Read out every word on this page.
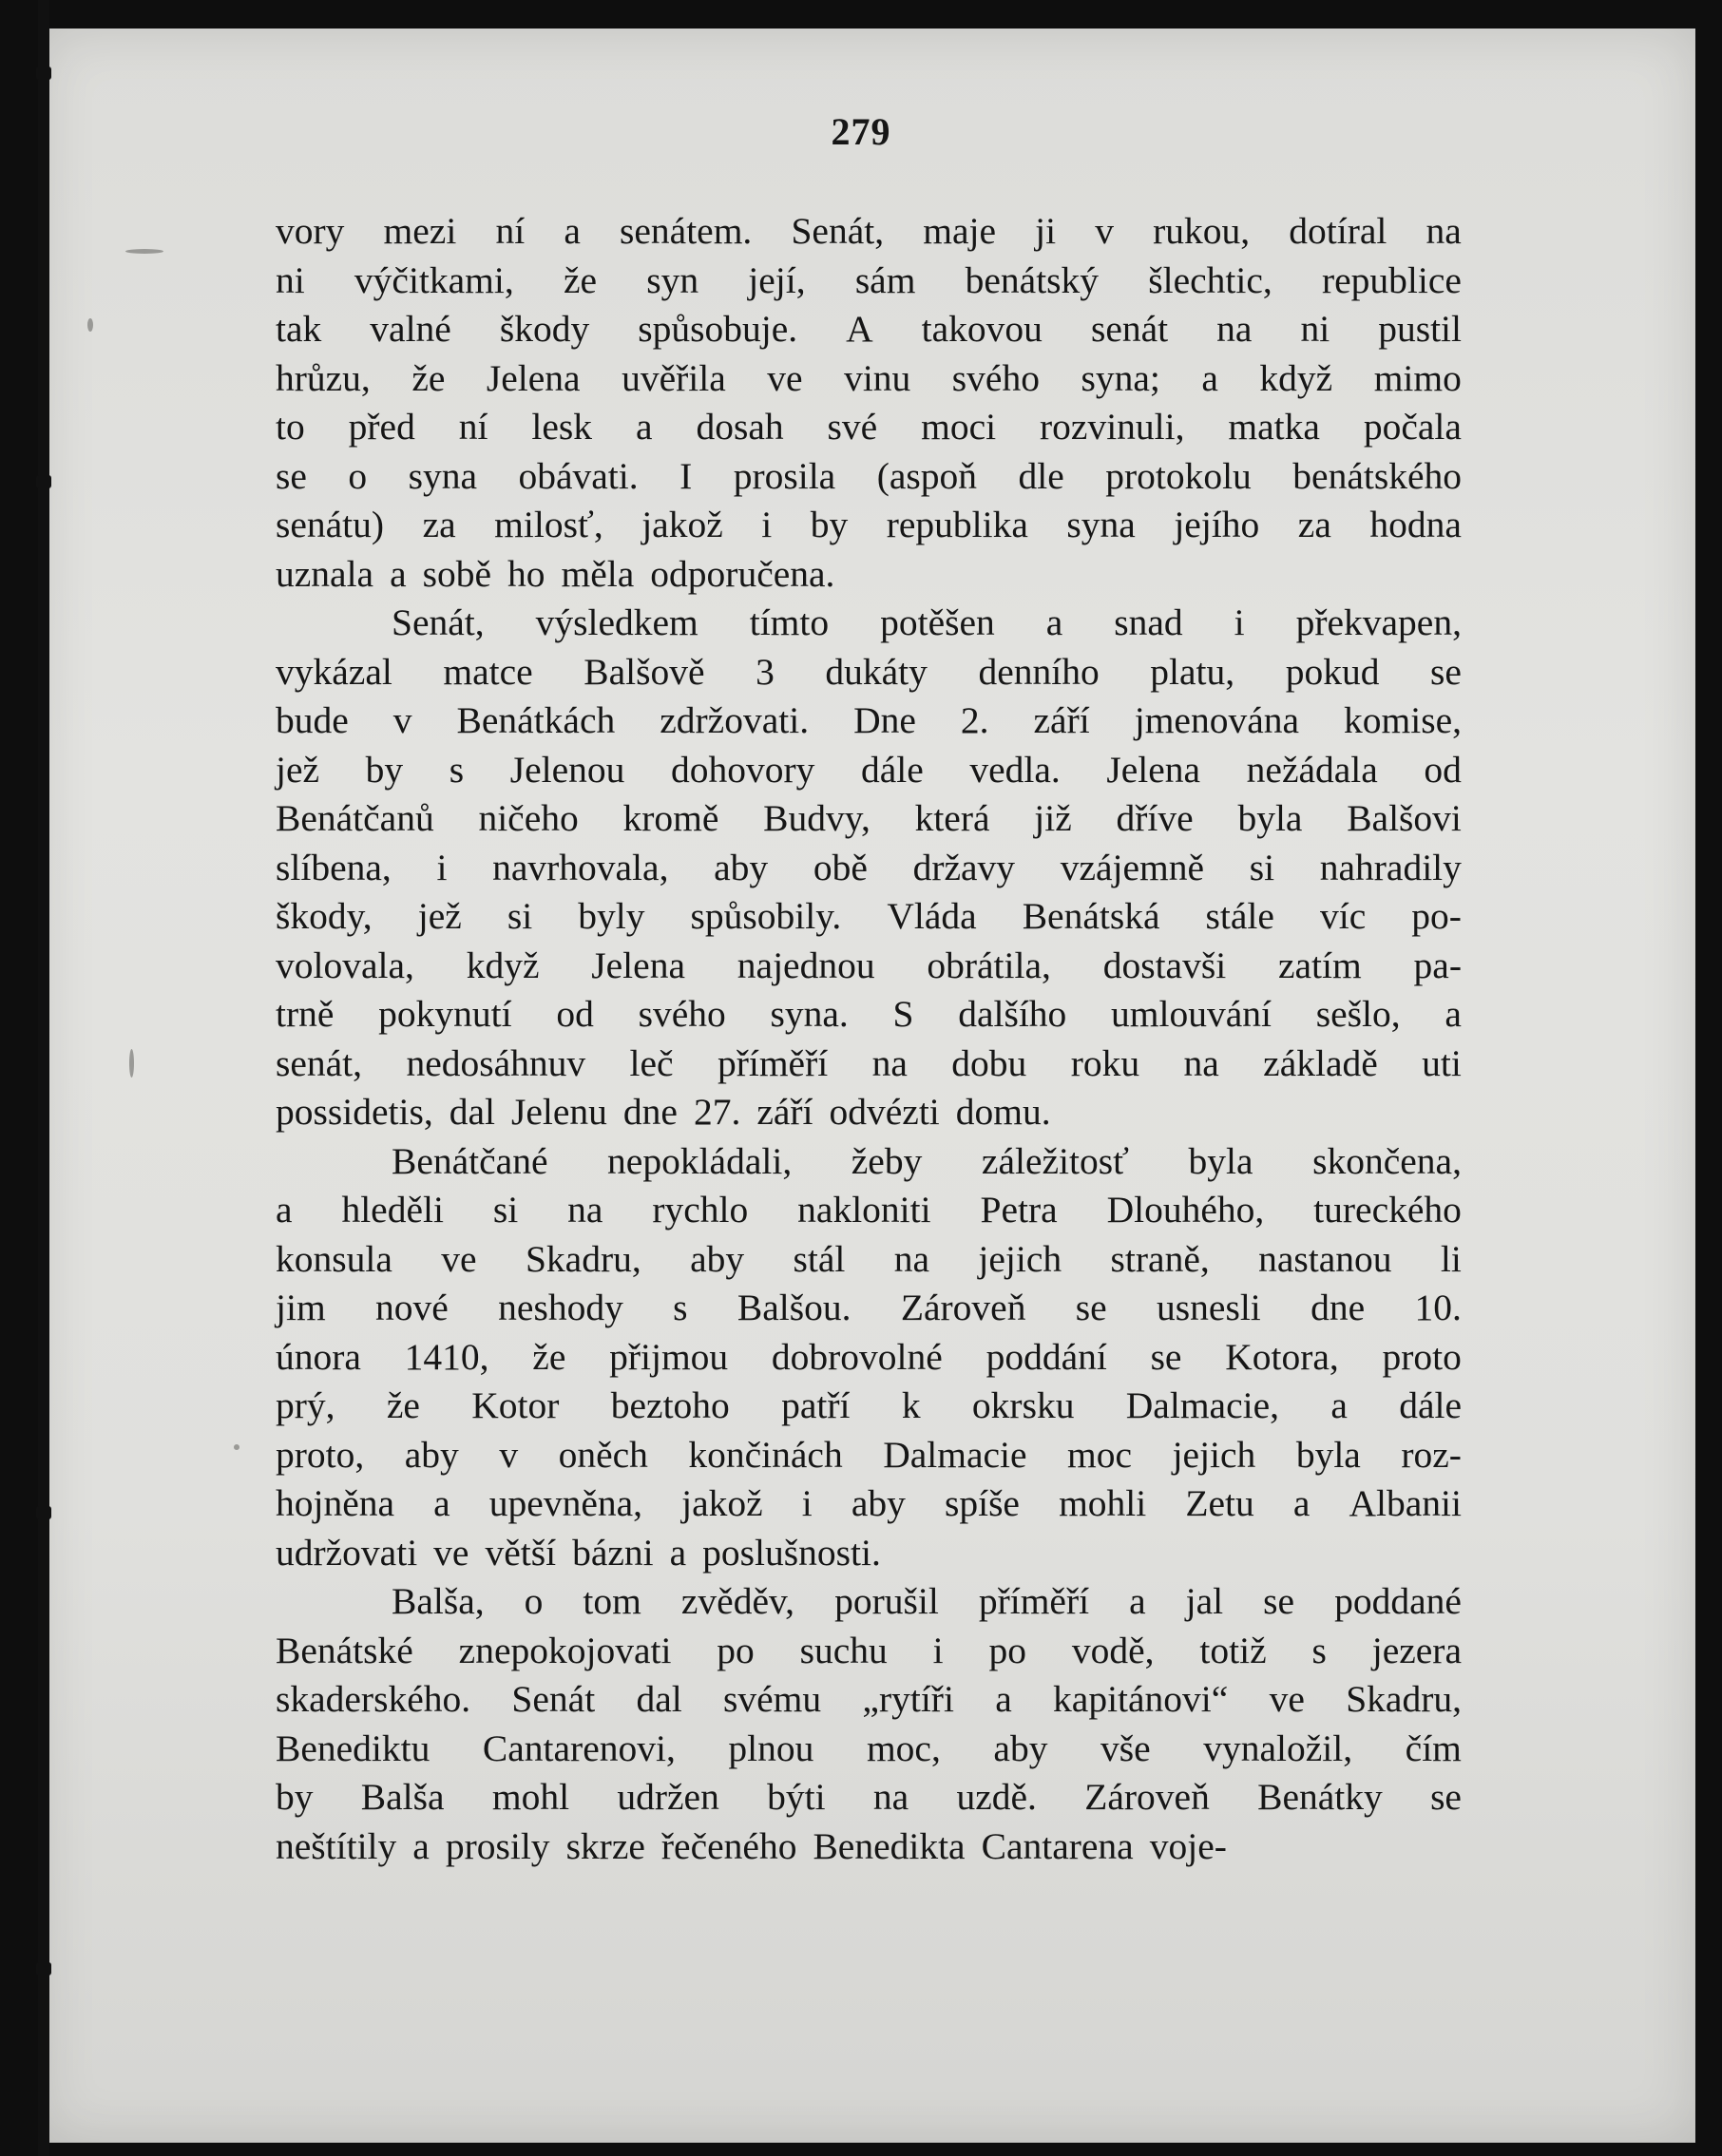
279
vory mezi ní a senátem. Senát, maje ji v rukou, dotíral na
ni výčitkami, že syn její, sám benátský šlechtic, republice
tak valné škody spůsobuje. A takovou senát na ni pustil
hrůzu, že Jelena uvěřila ve vinu svého syna; a když mimo
to před ní lesk a dosah své moci rozvinuli, matka počala
se o syna obávati. I prosila (aspoň dle protokolu benátského
senátu) za milosť, jakož i by republika syna jejího za hodna
uznala a sobě ho měla odporučena.
Senát, výsledkem tímto potěšen a snad i překvapen,
vykázal matce Balšově 3 dukáty denního platu, pokud se
bude v Benátkách zdržovati. Dne 2. září jmenována komise,
jež by s Jelenou dohovory dále vedla. Jelena nežádala od
Benátčanů ničeho kromě Budvy, která již dříve byla Balšovi
slíbena, i navrhovala, aby obě državy vzájemně si nahradily
škody, jež si byly spůsobily. Vláda Benátská stále víc po-
volovala, když Jelena najednou obrátila, dostavši zatím pa-
trně pokynutí od svého syna. S dalšího umlouvání sešlo, a
senát, nedosáhnuv leč příměří na dobu roku na základě uti
possidetis, dal Jelenu dne 27. září odvézti domu.
Benátčané nepokládali, žeby záležitosť byla skončena,
a hleděli si na rychlo nakloniti Petra Dlouhého, tureckého
konsula ve Skadru, aby stál na jejich straně, nastanou li
jim nové neshody s Balšou. Zároveň se usnesli dne 10.
února 1410, že přijmou dobrovolné poddání se Kotora, proto
prý, že Kotor beztoho patří k okrsku Dalmacie, a dále
proto, aby v oněch končinách Dalmacie moc jejich byla roz-
hojněna a upevněna, jakož i aby spíše mohli Zetu a Albanii
udržovati ve větší bázni a poslušnosti.
Balša, o tom zvěděv, porušil příměří a jal se poddané
Benátské znepokojovati po suchu i po vodě, totiž s jezera
skaderského. Senát dal svému „rytíři a kapitánovi“ ve Skadru,
Benediktu Cantarenovi, plnou moc, aby vše vynaložil, čím
by Balša mohl udržen býti na uzdě. Zároveň Benátky se
neštítily a prosily skrze řečeného Benedikta Cantarena voje-
